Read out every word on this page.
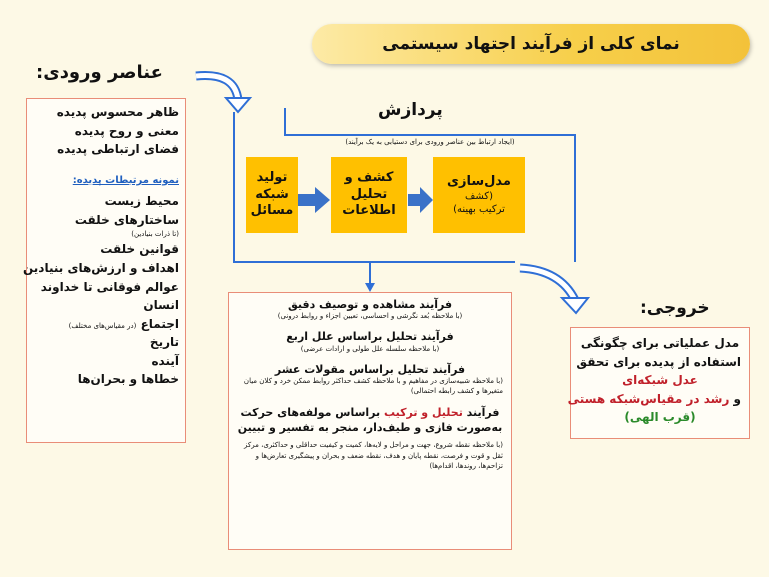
نمای کلی از فرآیند اجتهاد سیستمی
عناصر ورودی:
ظاهر محسوس پدیده
معنی و روح پدیده
فضای ارتباطی پدیده
نمونه مرتبطات پدیده:
محیط زیست
ساختارهای خلقت
(تا ذرات بنیادین)
قوانین خلقت
اهداف و ارزش‌های بنیادین
عوالم فوقانی تا خداوند
انسان
اجتماع (در مقیاس‌های مختلف)
تاریخ
آینده
خطاها و بحران‌ها
پردازش
(ایجاد ارتباط بین عناصر ورودی برای دستیابی به یک برآیند)
مدل‌سازی
(کشف
ترکیب بهینه)
کشف و
تحلیل
اطلاعات
تولید
شبکه
مسائل
فرآیند مشاهده و توصیف دقیق
(با ملاحظه بُعد نگرشی و احساسی، تعیین اجزاء و روابط درونی)
فرآیند تحلیل براساس علل اربع
(با ملاحظه سلسله علل طولی و ارادات عرضی)
فرآیند تحلیل براساس مقولات عشر
(با ملاحظه شبیه‌سازی در مفاهیم و با ملاحظه کشف حداکثر روابط ممکن خرد و کلان میان متغیرها و کشف رابطه احتمالی)
فرآیند تحلیل و ترکیب براساس مولفه‌های حرکت
به‌صورت فازی و طیف‌دار، منجر به تفسیر و تبیین
(با ملاحظه نقطه شروع، جهت و مراحل و لایه‌ها، کمیت و کیفیت حداقلی و حداکثری، مرکز ثقل و قوت و فرصت، نقطه پایان و هدف، نقطه ضعف و بحران و پیشگیری تعارض‌ها و تزاحم‌ها، روندها، اقدام‌ها)
خروجی:
مدل عملیاتی برای چگونگی
استفاده از پدیده برای تحقق
عدل شبکه‌ای
و رشد در مقیاس‌شبکه هستی
(قرب الهی)
